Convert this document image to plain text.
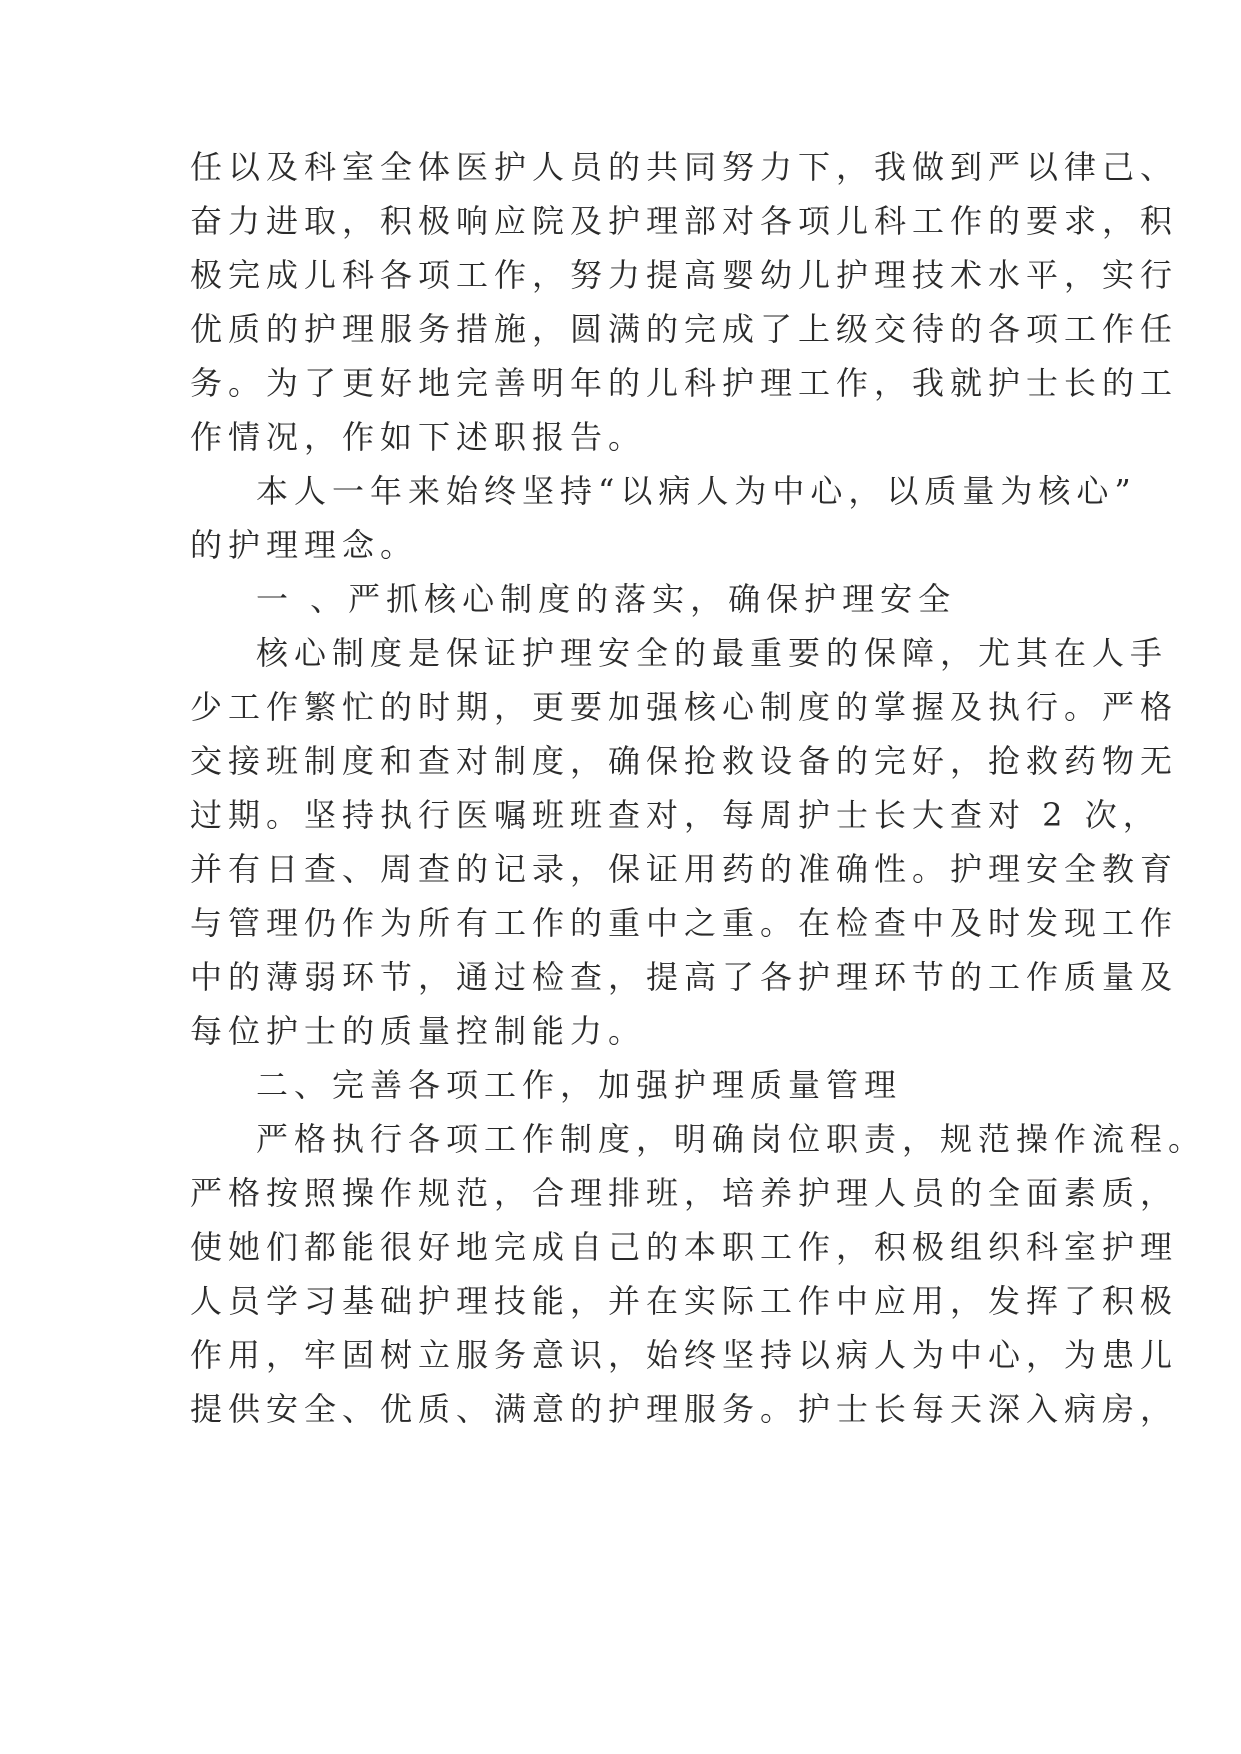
任以及科室全体医护人员的共同努力下，我做到严以律己、

奋力进取，积极响应院及护理部对各项儿科工作的要求，积

极完成儿科各项工作，努力提高婴幼儿护理技术水平，实行

优质的护理服务措施，圆满的完成了上级交待的各项工作任

务。为了更好地完善明年的儿科护理工作，我就护士长的工

作情况，作如下述职报告。

本人一年来始终坚持“以病人为中心，以质量为核心”

的护理理念。

一 、严抓核心制度的落实，确保护理安全

核心制度是保证护理安全的最重要的保障，尤其在人手

少工作繁忙的时期，更要加强核心制度的掌握及执行。严格

交接班制度和查对制度，确保抢救设备的完好，抢救药物无

过期。坚持执行医嘱班班查对，每周护士长大查对 2 次，

并有日查、周查的记录，保证用药的准确性。护理安全教育

与管理仍作为所有工作的重中之重。在检查中及时发现工作

中的薄弱环节，通过检查，提高了各护理环节的工作质量及

每位护士的质量控制能力。

二、完善各项工作，加强护理质量管理

严格执行各项工作制度，明确岗位职责，规范操作流程。

严格按照操作规范，合理排班，培养护理人员的全面素质，

使她们都能很好地完成自己的本职工作，积极组织科室护理

人员学习基础护理技能，并在实际工作中应用，发挥了积极

作用，牢固树立服务意识，始终坚持以病人为中心，为患儿

提供安全、优质、满意的护理服务。护士长每天深入病房，
